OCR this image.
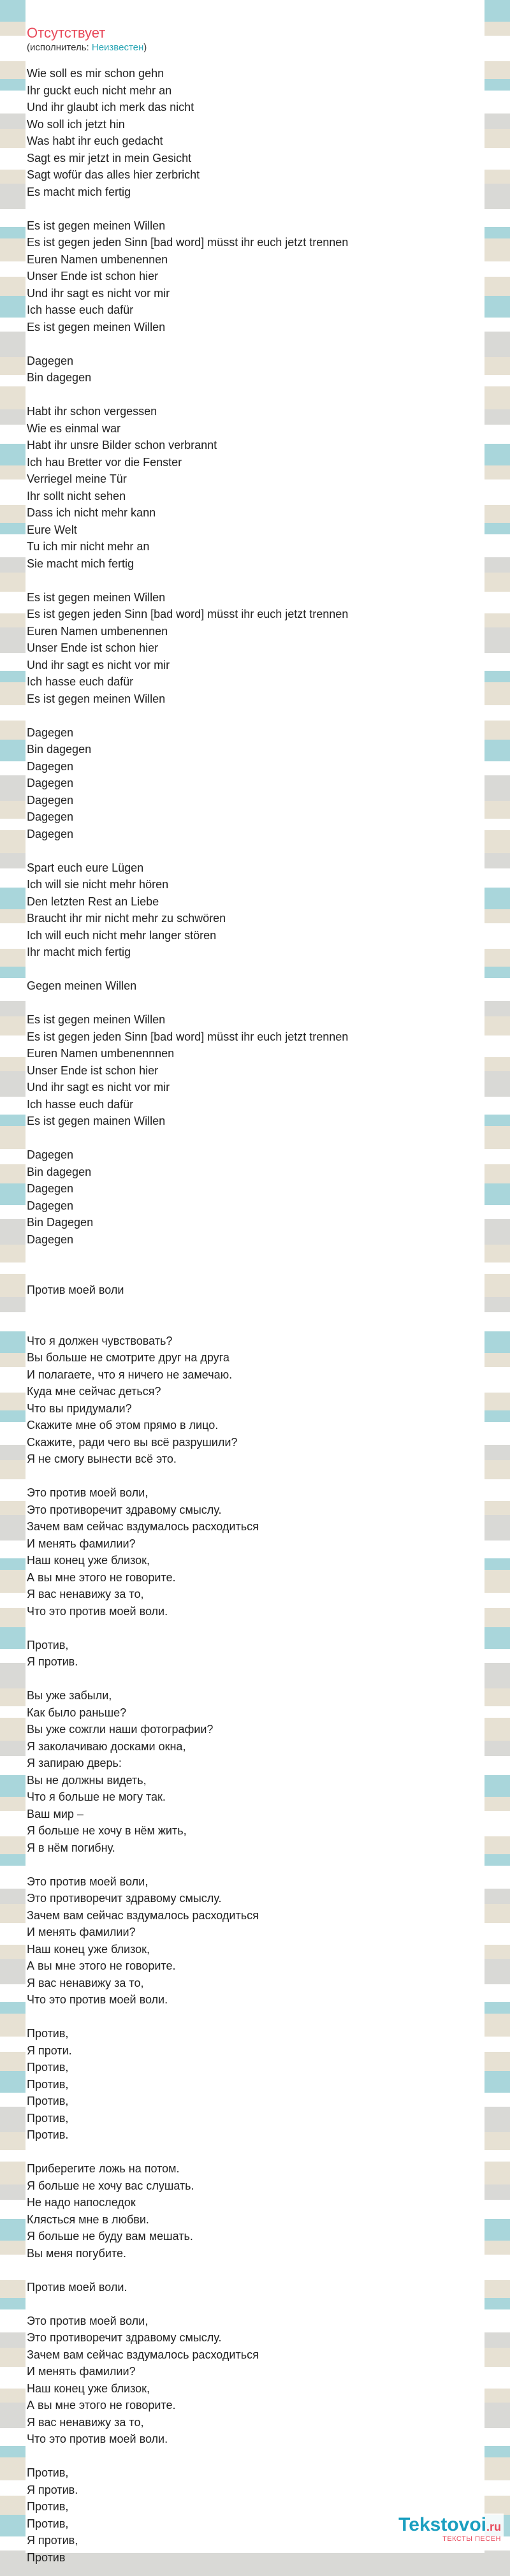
Отсутствует
(исполнитель: Неизвестен)
Wie soll es mir schon gehn
Ihr guckt euch nicht mehr an
Und ihr glaubt ich merk das nicht
Wo soll ich jetzt hin
Was habt ihr euch gedacht
Sagt es mir jetzt in mein Gesicht
Sagt wofür das alles hier zerbricht
Es macht mich fertig
Es ist gegen meinen Willen
Es ist gegen jeden Sinn [bad word] müsst ihr euch jetzt trennen
Euren Namen umbenennen
Unser Ende ist schon hier
Und ihr sagt es nicht vor mir
Ich hasse euch dafür
Es ist gegen meinen Willen
Dagegen
Bin dagegen
Habt ihr schon vergessen
Wie es einmal war
Habt ihr unsre Bilder schon verbrannt
Ich hau Bretter vor die Fenster
Verriegel meine Tür
Ihr sollt nicht sehen
Dass ich nicht mehr kann
Eure Welt
Tu ich mir nicht mehr an
Sie macht mich fertig
Es ist gegen meinen Willen
Es ist gegen jeden Sinn [bad word] müsst ihr euch jetzt trennen
Euren Namen umbenennen
Unser Ende ist schon hier
Und ihr sagt es nicht vor mir
Ich hasse euch dafür
Es ist gegen meinen Willen
Dagegen
Bin dagegen
Dagegen
Dagegen
Dagegen
Dagegen
Dagegen
Spart euch eure Lügen
Ich will sie nicht mehr hören
Den letzten Rest an Liebe
Braucht ihr mir nicht mehr zu schwören
Ich will euch nicht mehr langer stören
Ihr macht mich fertig
Gegen meinen Willen
Es ist gegen meinen Willen
Es ist gegen jeden Sinn [bad word] müsst ihr euch jetzt trennen
Euren Namen umbenennnen
Unser Ende ist schon hier
Und ihr sagt es nicht vor mir
Ich hasse euch dafür
Es ist gegen mainen Willen
Dagegen
Bin dagegen
Dagegen
Dagegen
Bin Dagegen
Dagegen
Против моей воли
Что я должен чувствовать?
Вы больше не смотрите друг на друга
И полагаете, что я ничего не замечаю.
Куда мне сейчас деться?
Что вы придумали?
Скажите мне об этом прямо в лицо.
Скажите, ради чего вы всё разрушили?
Я не смогу вынести всё это.
Это против моей воли,
Это противоречит здравому смыслу.
Зачем вам сейчас вздумалось расходиться
И менять фамилии?
Наш конец уже близок,
А вы мне этого не говорите.
Я вас ненавижу за то,
Что это против моей воли.
Против,
Я против.
Вы уже забыли,
Как было раньше?
Вы уже сожгли наши фотографии?
Я заколачиваю досками окна,
Я запираю дверь:
Вы не должны видеть,
Что я больше не могу так.
Ваш мир –
Я больше не хочу в нём жить,
Я в нём погибну.
Это против моей воли,
Это противоречит здравому смыслу.
Зачем вам сейчас вздумалось расходиться
И менять фамилии?
Наш конец уже близок,
А вы мне этого не говорите.
Я вас ненавижу за то,
Что это против моей воли.
Против,
Я проти.
Против,
Против,
Против,
Против,
Против.
Приберегите ложь на потом.
Я больше не хочу вас слушать.
Не надо напоследок
Клясться мне в любви.
Я больше не буду вам мешать.
Вы меня погубите.
Против моей воли.
Это против моей воли,
Это противоречит здравому смыслу.
Зачем вам сейчас вздумалось расходиться
И менять фамилии?
Наш конец уже близок,
А вы мне этого не говорите.
Я вас ненавижу за то,
Что это против моей воли.
Против,
Я против.
Против,
Против,
Я против,
Против
Tekstovoi.ru
ТЕКСТЫ ПЕСЕН
